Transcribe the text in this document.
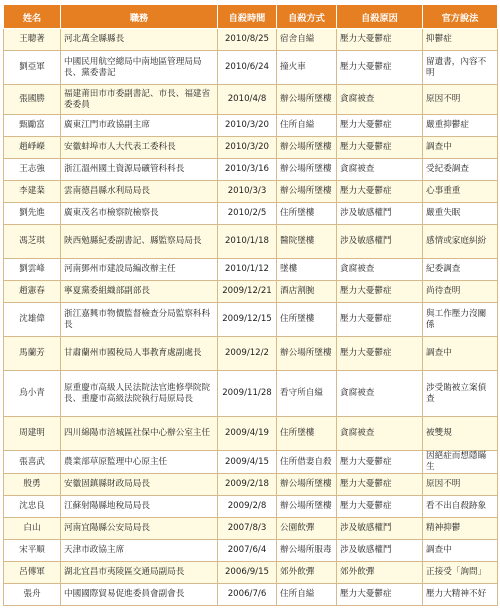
姓名	職務	自殺時間	自殺方式	自殺原因	官方說法
王聰著	河北萬全縣縣長	2010/8/25	宿舍自縊	壓力大憂鬱症	抑鬱症
劉亞軍	中國民用航空總局中南地區管理局局長、黨委書記	2010/6/24	撞火車	壓力大憂鬱症	留遺書，內容不明
張國勝	福建莆田市市委副書記、市長、福建省委委員	2010/4/8	辦公場所墜樓	貪腐被查	原因不明
甄勵富	廣東江門市政協副主席	2010/3/20	住所自縊	壓力大憂鬱症	嚴重抑鬱症
趙崢嶸	安徽蚌埠市人大代表工委科長	2010/3/20	辦公場所墜樓	壓力大憂鬱症	調查中
王志強	浙江溫州國土資源局礦管科科長	2010/3/16	辦公場所墜樓	貪腐被查	受紀委調查
李建棻	雲南德昌縣水利局局長	2010/3/3	辦公場所墜樓	壓力大憂鬱症	心事重重
劉先進	廣東茂名市檢察院檢察長	2010/2/5	住所墜樓	涉及敏感權鬥	嚴重失眠
馮芝琪	陝西勉縣紀委副書記、縣監察局局長	2010/1/18	醫院墜樓	涉及敏感權鬥	感情或家庭糾紛
劉雲峰	河南鄧州市建設局編改辦主任	2010/1/12	墜樓	貪腐被查	紀委調查
趙憲春	寧夏黨委組織部副部長	2009/12/21	酒店割腕	壓力大憂鬱症	尚待查明
沈雄偉	浙江嘉興市物價監督檢查分局監察科科長	2009/12/15	住所墜樓	壓力大憂鬱症	與工作壓力沒關係
馬蘭芳	甘肅蘭州市國稅局人事教育處副處長	2009/12/2	辦公場所墜樓	壓力大憂鬱症	調查中
烏小青	原重慶市高級人民法院法官進修學院院長、重慶市高級法院執行局原局長	2009/11/28	看守所自縊	貪腐被查	涉受賄被立案偵查
周建明	四川綿陽市涪城區社保中心辦公室主任	2009/4/19	住所墜樓	貪腐被查	被雙規
張喜武	農業部草原監理中心原主任	2009/4/15	住所借妻自殺	壓力大憂鬱症	因絕症而想隱瞞生
殷勇	安徽固鎮縣財政局局長	2009/2/18	辦公場所墜樓	壓力大憂鬱症	原因不明
沈忠良	江蘇射陽縣地稅局局長	2009/2/8	辦公場所墜樓	壓力大憂鬱症	看不出自殺跡象
白山	河南宜陽縣公安局局長	2007/8/3	公園飲彈	涉及敏感權鬥	精神抑鬱
宋平順	天津市政協主席	2007/6/4	辦公場所服毒	涉及敏感權鬥	調查中
呂傳軍	湖北宜昌市夷陵區交通局副局長	2006/9/15	郊外飲彈	郊外飲彈	正接受「詢問」
張舟	中國國際貿易促進委員會副會長	2006/7/6	住所自縊	壓力大憂鬱症	壓力大精神不好
